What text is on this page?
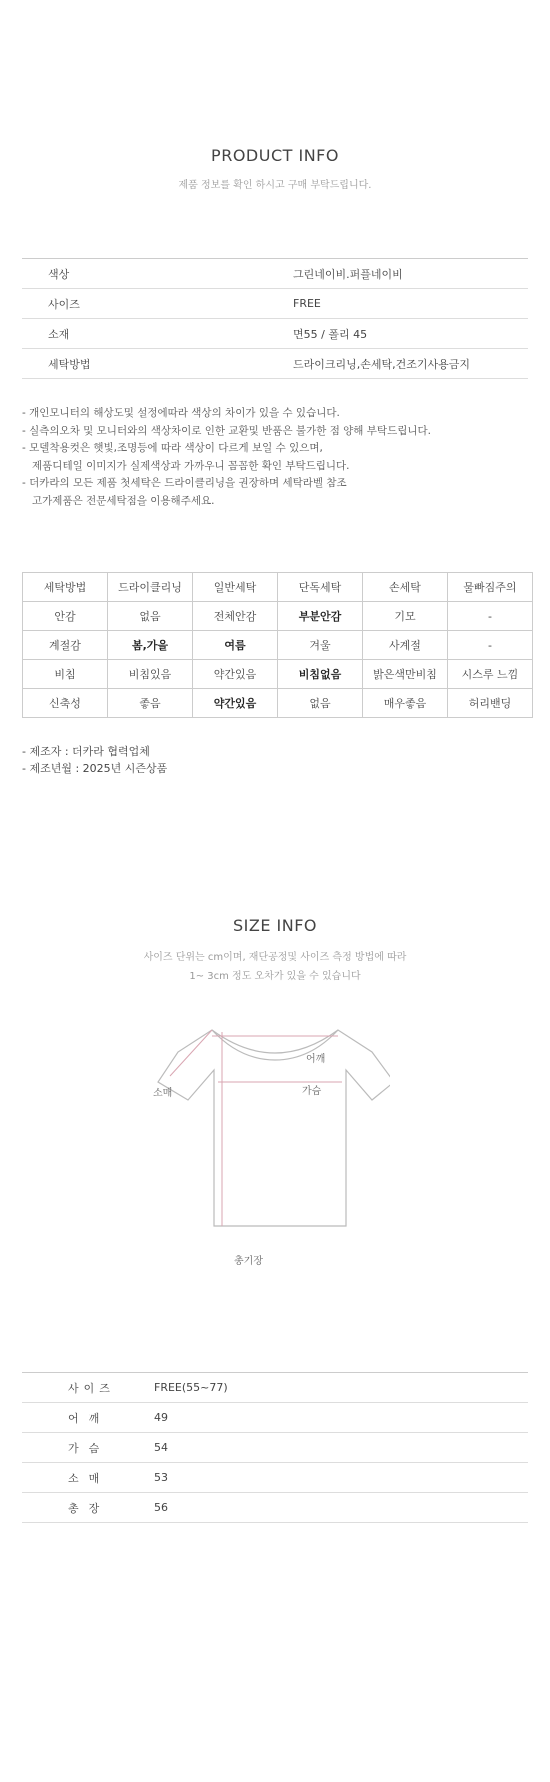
PRODUCT INFO
제품 정보를 확인 하시고 구매 부탁드립니다.
색상	그린네이비.퍼플네이비
사이즈	FREE
소재	면55 / 폴리 45
세탁방법	드라이크리닝,손세탁,건조기사용금지
- 개인모니터의 해상도및 설정에따라 색상의 차이가 있을 수 있습니다.
- 실측의오차 및 모니터와의 색상차이로 인한 교환및 반품은 불가한 점 양해 부탁드립니다.
- 모델착용컷은 햇빛,조명등에 따라 색상이 다르게 보일 수 있으며,
제품디테일 이미지가 실제색상과 가까우니 꼼꼼한 확인 부탁드립니다.
- 더카라의 모든 제품 첫세탁은 드라이클리닝을 권장하며 세탁라벨 참조
고가제품은 전문세탁점을 이용해주세요.
세탁방법	드라이클리닝	일반세탁	단독세탁	손세탁	물빠짐주의
안감	없음	전체안감	부분안감	기모	-
계절감	봄,가을	여름	겨울	사계절	-
비침	비침있음	약간있음	비침없음	밝은색만비침	시스루 느낌
신축성	좋음	약간있음	없음	매우좋음	허리밴딩
- 제조자 : 더카라 협력업체
- 제조년월 : 2025년 시즌상품
SIZE INFO
사이즈 단위는 cm이며, 재단공정및 사이즈 측정 방법에 따라
1~ 3cm 정도 오차가 있을 수 있습니다
어깨
가슴
소매
총기장
사이즈	FREE(55~77)
어깨	49
가슴	54
소매	53
총장	56
